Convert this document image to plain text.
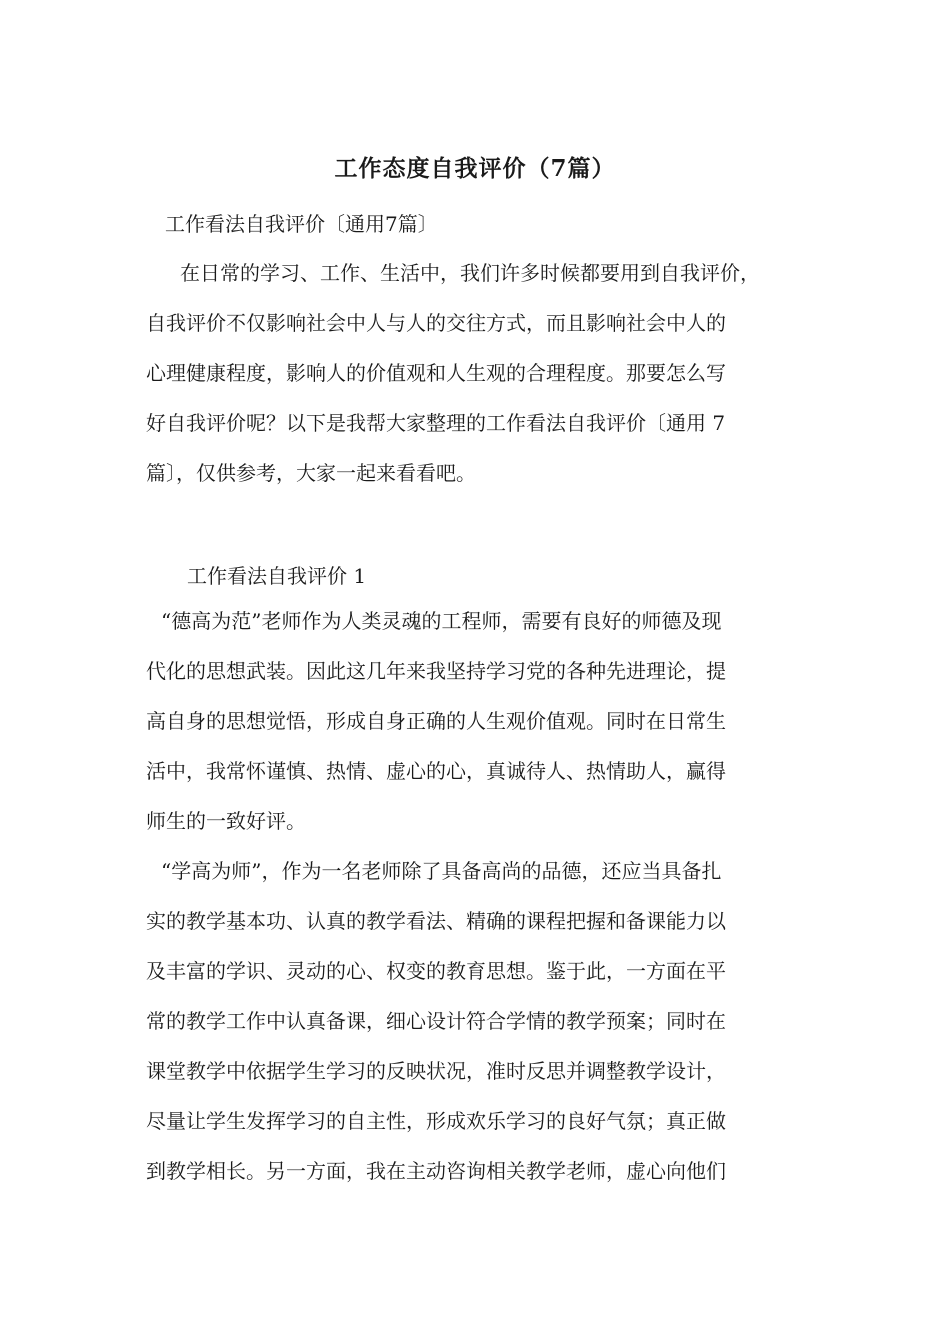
工作态度自我评价（7篇）
工作看法自我评价〔通用7篇〕
在日常的学习、工作、生活中，我们许多时候都要用到自我评价，
自我评价不仅影响社会中人与人的交往方式，而且影响社会中人的
心理健康程度，影响人的价值观和人生观的合理程度。那要怎么写
好自我评价呢？以下是我帮大家整理的工作看法自我评价〔通用 7
篇〕，仅供参考，大家一起来看看吧。
工作看法自我评价 1
“德高为范”老师作为人类灵魂的工程师，需要有良好的师德及现
代化的思想武装。因此这几年来我坚持学习党的各种先进理论，提
高自身的思想觉悟，形成自身正确的人生观价值观。同时在日常生
活中，我常怀谨慎、热情、虚心的心，真诚待人、热情助人，赢得
师生的一致好评。
“学高为师”，作为一名老师除了具备高尚的品德，还应当具备扎
实的教学基本功、认真的教学看法、精确的课程把握和备课能力以
及丰富的学识、灵动的心、权变的教育思想。鉴于此，一方面在平
常的教学工作中认真备课，细心设计符合学情的教学预案；同时在
课堂教学中依据学生学习的反映状况，准时反思并调整教学设计，
尽量让学生发挥学习的自主性，形成欢乐学习的良好气氛；真正做
到教学相长。另一方面，我在主动咨询相关教学老师，虚心向他们
